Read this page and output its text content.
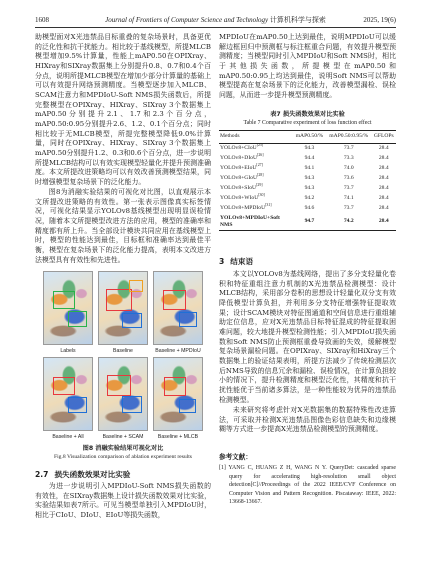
1608	Journal of Frontiers of Computer Science and Technology 计算机科学与探索	2025, 19(6)
助模型面对X光违禁品目标重叠的复杂场景时，具备更优的泛化性和抗干扰能力。相比较于基线模型，所提MLCB模型增加9.5%计算量，性能上mAP0.50在OPIXray、HIXray和SIXray数据集上分别提升0.8、0.7和0.4个百分点，说明所提MLCB模型在增加少部分计算量的基础上可以有效提升网络预测精度。当模型逐步加入MLCB、SCAM注意力和MPDIoU-Soft NMS损失函数后，所提完整模型在OPIXray、HIXray、SIXray 3个数据集上mAP0.50分别提升2.1、1.7和2.3个百分点，mAP0.50:0.95分别提升2.6、1.2、0.1个百分点；同时相比较于无MLCB模型，所提完整模型降低9.0%计算量，同时在OPIXray、HIXray、SIXray 3个数据集上mAP0.50分别提升1.2、0.3和0.6个百分点，进一步说明所提MLCB结构可以有效实现模型轻量化并提升预测准确度。本文所提改进策略均可以有效改善预测模型结果，同时增强模型复杂场景下的泛化能力。
图8为消融实验结果的可视化对比图，以直观展示本文所提改进策略的有效性。第一张表示图像真实标签情况，可视化结果显示YOLOv8基线模型出现明显误检情况，随着本文所提模型改进方法的应用，模型的准确率和精度都有所上升。当全部设计模块共同应用在基线模型上时，模型的性能达到最佳，目标框和准确率达到最佳平衡，模型在复杂场景下的泛化能力提高，表明本文改进方法模型具有有效性和先进性。
Labels	Baseline	Baseline + MPDIoU
Baseline + All	Baseline + SCAM	Baseline + MLCB
图8 消融实验结果可视化对比
Fig.8 Visualization comparison of ablation experiment results
2.7 损失函数效果对比实验
为进一步说明引入MPDIoU-Soft NMS损失函数的有效性，在SIXray数据集上设计损失函数效果对比实验，实验结果如表7所示。可见当模型单独引入MPDIoU时，相比于CIoU、DIoU、EIoU等损失函数，
MPDIoU在mAP0.50上达到最佳，说明MPDIoU可以缓解边框回归中预测框与标注框重合问题，有效提升模型预测精度；当模型同时引入MPDIoU和Soft NMS时，相比于其他损失函数，所提模型在mAP0.50和mAP0.50:0.95上均达到最佳，说明Soft NMS可以帮助模型提高在复杂场景下的泛化能力，改善模型漏检、误检问题，从而进一步提升模型预测精度。
表7 损失函数效果对比实验
Table 7 Comparative experiment of loss function effect
Methods	mAP0.50/%	mAP0.50:0.95/%	GFLOPs
YOLOv8+CIoU[25]	94.3	73.7	28.4
YOLOv8+DIoU[26]	94.4	73.3	28.4
YOLOv8+EIoU[27]	94.1	74.0	28.4
YOLOv8+GIoU[28]	94.3	73.6	28.4
YOLOv8+SIoU[29]	94.3	73.7	28.4
YOLOv8+WIoU[30]	94.2	74.1	28.4
YOLOv8+MPDIoU[31]	94.6	73.7	28.4
YOLOv8+MPDIoU+Soft NMS	94.7	74.2	28.4
3 结束语
本文以YOLOv8为基线网络，提出了多分支轻量化卷积和特征重组注意力机制的X光违禁品检测模型：设计MLCB结构，采用部分卷积的思想设计轻量化双分支有效降低模型计算负担，并利用多分支特征增强特征提取效果；设计SCAM模块对特征图通道和空间信息进行重组辅助定位信息，应对X光违禁品目标特征混成的特征提取困难问题，较大地提升模型检测性能；引入MPDIoU损失函数和Soft NMS防止预测框重叠导致画的失效，缓解模型复杂场景漏检问题。在OPIXray、SIXray和HiXray三个数据集上的验证结果表明，所提方法减少了传统检测层次后NMS导致的信息冗余和漏检、误检情况，在计算负担较小的情况下，提升检测精度和模型泛化性，其精度和抗干扰性能优于当前诸多算法，是一种性能较为优异的违禁品检测模型。
未来研究将考虑针对X光数据集的数据特殊性改进算法，可采取并检测X光违禁品图像色彩信息缺失和边缘模糊等方式进一步提高X光违禁品检测模型的预测精度。
参考文献：
[1] YANG C, HUANG Z H, WANG N Y. QueryDet: cascaded sparse query for accelerating high-resolution small object detection[C]//Proceedings of the 2022 IEEE/CVF Conference on Computer Vision and Pattern Recognition. Piscataway: IEEE, 2022: 13668-13667.
